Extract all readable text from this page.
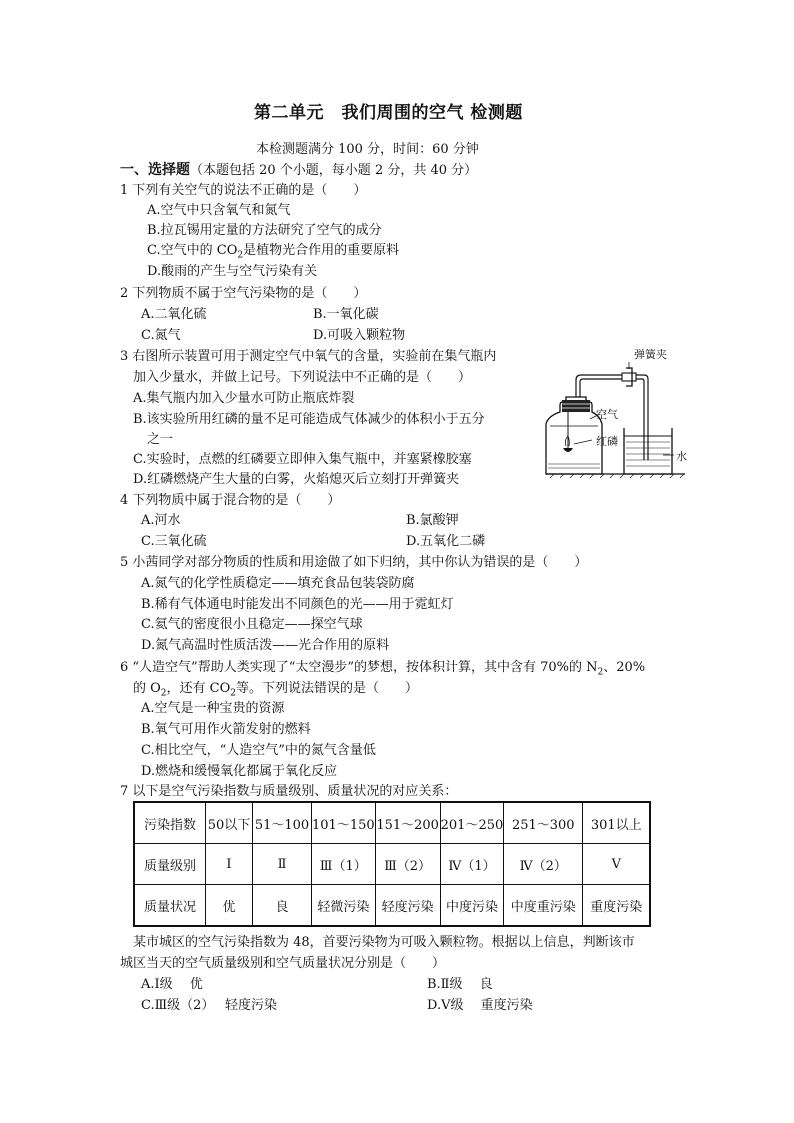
第二单元　我们周围的空气 检测题
本检测题满分 100 分，时间：60 分钟
一、选择题（本题包括 20 个小题，每小题 2 分，共 40 分）
1 下列有关空气的说法不正确的是（　　）
A.空气中只含氧气和氮气
B.拉瓦锡用定量的方法研究了空气的成分
C.空气中的 $CO_2$是植物光合作用的重要原料
D.酸雨的产生与空气污染有关
2 下列物质不属于空气污染物的是（　　）
A.二氧化硫	B.一氧化碳
C.氮气	D.可吸入颗粒物
3 右图所示装置可用于测定空气中氧气的含量，实验前在集气瓶内
加入少量水，并做上记号。下列说法中不正确的是（　　）
A.集气瓶内加入少量水可防止瓶底炸裂
B.该实验所用红磷的量不足可能造成气体减少的体积小于五分
之一
C.实验时，点燃的红磷要立即伸入集气瓶中，并塞紧橡胶塞
D.红磷燃烧产生大量的白雾，火焰熄灭后立刻打开弹簧夹
弹簧夹
空气
红磷
水
4 下列物质中属于混合物的是（　　）
A.河水	B.氯酸钾
C.三氧化硫	D.五氧化二磷
5 小茜同学对部分物质的性质和用途做了如下归纳，其中你认为错误的是（　　）
A.氮气的化学性质稳定——填充食品包装袋防腐
B.稀有气体通电时能发出不同颜色的光——用于霓虹灯
C.氦气的密度很小且稳定——探空气球
D.氮气高温时性质活泼——光合作用的原料
6 “人造空气”帮助人类实现了“太空漫步”的梦想，按体积计算，其中含有 70%的 $N_2$、20%
的 $O_2$，还有 $CO_2$等。下列说法错误的是（　　）
A.空气是一种宝贵的资源
B.氧气可用作火箭发射的燃料
C.相比空气，“人造空气”中的氮气含量低
D.燃烧和缓慢氧化都属于氧化反应
7 以下是空气污染指数与质量级别、质量状况的对应关系：
污染指数	50以下	51～100	101～150	151～200	201～250	251～300	301以上
质量级别	Ⅰ	Ⅱ	Ⅲ（1）	Ⅲ（2）	Ⅳ（1）	Ⅳ（2）	Ⅴ
质量状况	优	良	轻微污染	轻度污染	中度污染	中度重污染	重度污染
某市城区的空气污染指数为 48，首要污染物为可吸入颗粒物。根据以上信息，判断该市
城区当天的空气质量级别和空气质量状况分别是（　　）
A.Ⅰ级　 优	B.Ⅱ级　 良
C.Ⅲ级（2）　 轻度污染	D.Ⅴ级　 重度污染
